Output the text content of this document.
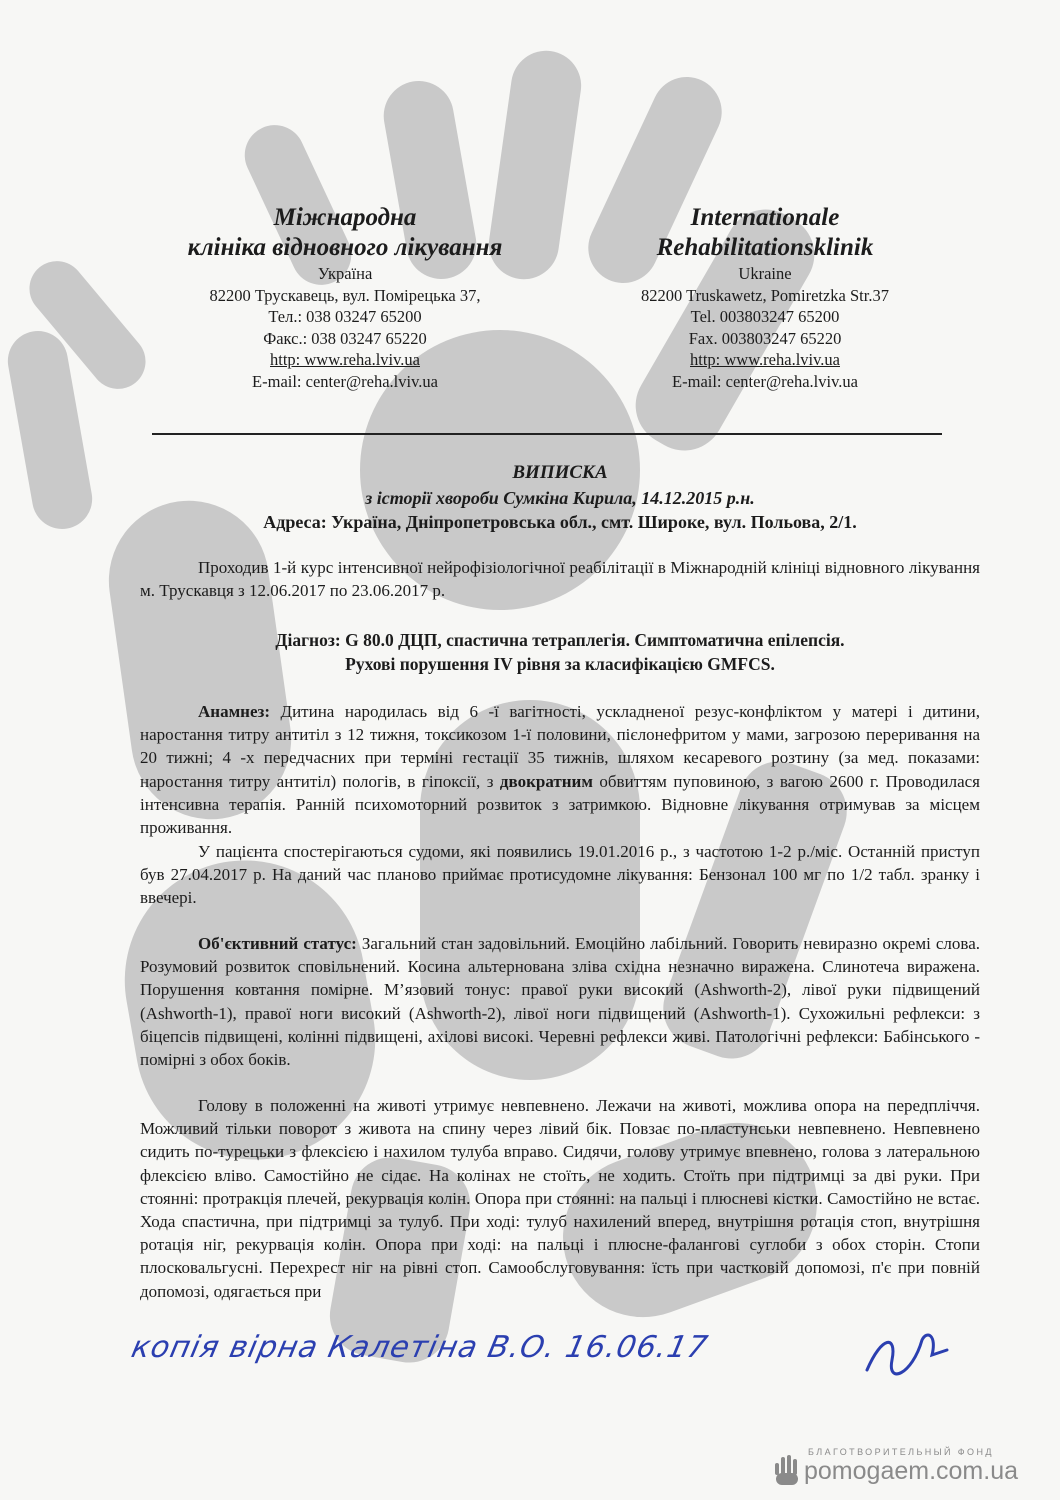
Міжнародна
клініка відновного лікування
Україна
82200 Трускавець, вул. Помірецька 37,
Тел.: 038 03247 65200
Факс.: 038 03247 65220
http: www.reha.lviv.ua
E-mail: center@reha.lviv.ua
Internationale
Rehabilitationsklinik
Ukraine
82200 Truskawetz, Pomiretzka Str.37
Tel. 003803247 65200
Fax. 003803247 65220
http: www.reha.lviv.ua
E-mail: center@reha.lviv.ua
ВИПИСКА
з історії хвороби Сумкіна Кирила, 14.12.2015 р.н.
Адреса: Україна, Дніпропетровська обл., смт. Широке, вул. Польова, 2/1.
Проходив 1-й курс інтенсивної нейрофізіологічної реабілітації в Міжнародній клініці відновного лікування м. Трускавця з 12.06.2017 по 23.06.2017 р.
Діагноз: G 80.0 ДЦП, спастична тетраплегія. Симптоматична епілепсія.
Рухові порушення IV рівня за класифікацією GMFCS.
Анамнез: Дитина народилась від 6 -ї вагітності, ускладненої резус-конфліктом у матері і дитини, наростання титру антитіл з 12 тижня, токсикозом 1-ї половини, пієлонефритом у мами, загрозою переривання на 20 тижні; 4 -х передчасних при терміні гестації 35 тижнів, шляхом кесаревого розтину (за мед. показами: наростання титру антитіл) пологів, в гіпоксії, з двократним обвиттям пуповиною, з вагою 2600 г. Проводилася інтенсивна терапія. Ранній психомоторний розвиток з затримкою. Відновне лікування отримував за місцем проживання.
У пацієнта спостерігаються судоми, які появились 19.01.2016 р., з частотою 1-2 р./міс. Останній приступ був 27.04.2017 р. На даний час планово приймає протисудомне лікування: Бензонал 100 мг по 1/2 табл. зранку і ввечері.
Об'єктивний статус: Загальний стан задовільний. Емоційно лабільний. Говорить невиразно окремі слова. Розумовий розвиток сповільнений. Косина альтернована зліва східна незначно виражена. Слинотеча виражена. Порушення ковтання помірне. М’язовий тонус: правої руки високий (Ashworth-2), лівої руки підвищений (Ashworth-1), правої ноги високий (Ashworth-2), лівої ноги підвищений (Ashworth-1). Сухожильні рефлекси: з біцепсів підвищені, колінні підвищені, ахілові високі. Черевні рефлекси живі. Патологічні рефлекси: Бабінського - помірні з обох боків.
Голову в положенні на животі утримує невпевнено. Лежачи на животі, можлива опора на передпліччя. Можливий тільки поворот з живота на спину через лівий бік. Повзає по-пластунськи невпевнено. Невпевнено сидить по-турецьки з флексією і нахилом тулуба вправо. Сидячи, голову утримує впевнено, голова з латеральною флексією вліво. Самостійно не сідає. На колінах не стоїть, не ходить. Стоїть при підтримці за дві руки. При стоянні: протракція плечей, рекурвація колін. Опора при стоянні: на пальці і плюсневі кістки. Самостійно не встає. Хода спастична, при підтримці за тулуб. При ході: тулуб нахилений вперед, внутрішня ротація стоп, внутрішня ротація ніг, рекурвація колін. Опора при ході: на пальці і плюсне-фалангові суглоби з обох сторін. Стопи плосковальгусні. Перехрест ніг на рівні стоп. Самообслуговування: їсть при частковій допомозі, п'є при повній допомозі, одягається при
копія вірна Калетіна В.О. 16.06.17
БЛАГОТВОРИТЕЛЬНЫЙ ФОНД
pomogaem.com.ua
